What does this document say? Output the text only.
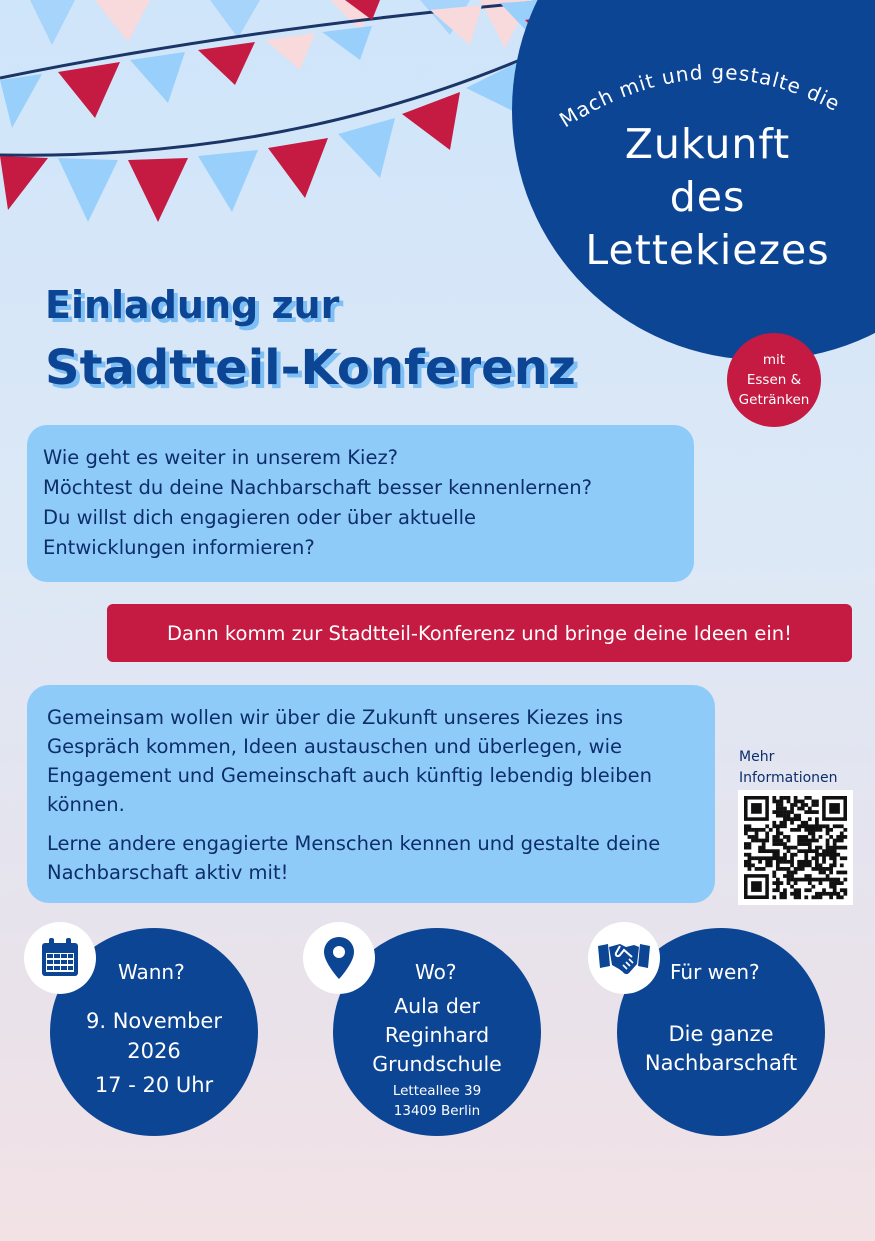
Mach mit und gestalte die
Zukunft
des
Lettekiezes
mit
Essen &
Getränken
Einladung zur
Stadtteil-Konferenz
Wie geht es weiter in unserem Kiez?
Möchtest du deine Nachbarschaft besser kennenlernen?
Du willst dich engagieren oder über aktuelle
Entwicklungen informieren?
Dann komm zur Stadtteil-Konferenz und bringe deine Ideen ein!

Gemeinsam wollen wir über die Zukunft unseres Kiezes ins Gespräch kommen, Ideen austauschen und überlegen, wie Engagement und Gemeinschaft auch künftig lebendig bleiben können.

Lerne andere engagierte Menschen kennen und gestalte deine Nachbarschaft aktiv mit!

Mehr
Informationen
Wann?
9. November
2026
17 - 20 Uhr
Wo?
Aula der
Reginhard
Grundschule
Letteallee 39
13409 Berlin
Für wen?
Die ganze
Nachbarschaft
